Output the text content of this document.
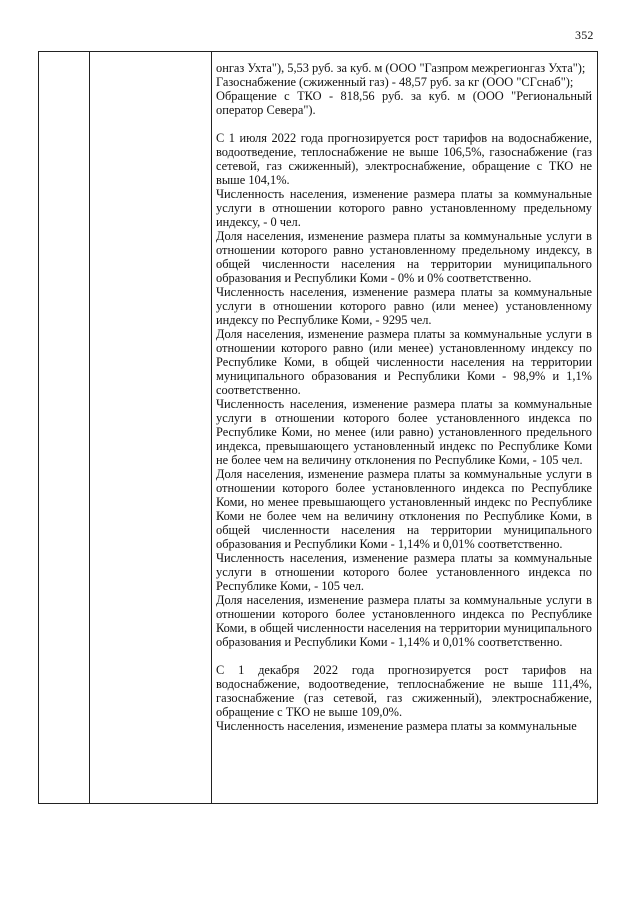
352

онгаз Ухта"), 5,53 руб. за куб. м (ООО "Газпром межрегионгаз Ухта");

Газоснабжение (сжиженный газ) - 48,57 руб. за кг (ООО "СГснаб");

Обращение с ТКО - 818,56 руб. за куб. м (ООО "Региональный оператор Севера").

С 1 июля 2022 года прогнозируется рост тарифов на водоснабжение, водоотведение, теплоснабжение не выше 106,5%, газоснабжение (газ сетевой, газ сжиженный), электроснабжение, обращение с ТКО не выше 104,1%.

Численность населения, изменение размера платы за коммунальные услуги в отношении которого равно установленному предельному индексу, - 0 чел.

Доля населения, изменение размера платы за коммунальные услуги в отношении которого равно установленному предельному индексу, в общей численности населения на территории муниципального образования и Республики Коми - 0% и 0% соответственно.

Численность населения, изменение размера платы за коммунальные услуги в отношении которого равно (или менее) установленному индексу по Республике Коми, - 9295 чел.

Доля населения, изменение размера платы за коммунальные услуги в отношении которого равно (или менее) установленному индексу по Республике Коми, в общей численности населения на территории муниципального образования и Республики Коми - 98,9% и 1,1% соответственно.

Численность населения, изменение размера платы за коммунальные услуги в отношении которого более установленного индекса по Республике Коми, но менее (или равно) установленного предельного индекса, превышающего установленный индекс по Республике Коми не более чем на величину отклонения по Республике Коми, - 105 чел.

Доля населения, изменение размера платы за коммунальные услуги в отношении которого более установленного индекса по Республике Коми, но менее превышающего установленный индекс по Республике Коми не более чем на величину отклонения по Республике Коми, в общей численности населения на территории муниципального образования и Республики Коми - 1,14% и 0,01% соответственно.

Численность населения, изменение размера платы за коммунальные услуги в отношении которого более установленного индекса по Республике Коми, - 105 чел.

Доля населения, изменение размера платы за коммунальные услуги в отношении которого более установленного индекса по Республике Коми, в общей численности населения на территории муниципального образования и Республики Коми - 1,14% и 0,01% соответственно.

С 1 декабря 2022 года прогнозируется рост тарифов на водоснабжение, водоотведение, теплоснабжение не выше 111,4%, газоснабжение (газ сетевой, газ сжиженный), электроснабжение, обращение с ТКО не выше 109,0%.

Численность населения, изменение размера платы за коммунальные
